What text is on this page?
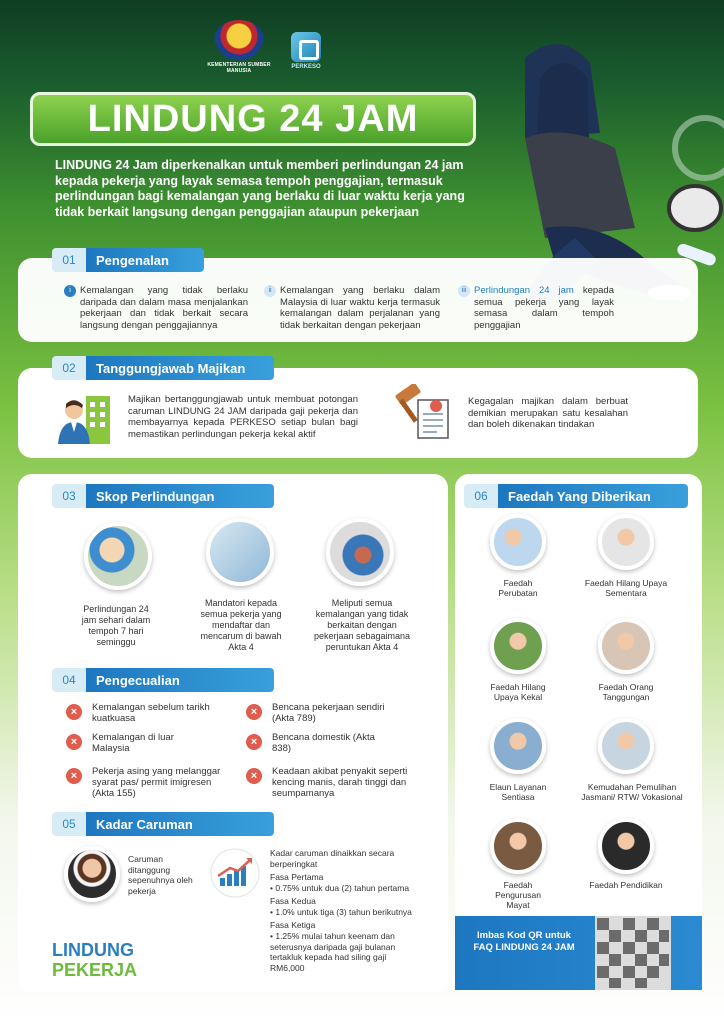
KEMENTERIAN SUMBER MANUSIA
PERKESO
LINDUNG 24 JAM
LINDUNG 24 Jam diperkenalkan untuk memberi perlindungan 24 jam kepada pekerja yang layak semasa tempoh penggajian, termasuk perlindungan bagi kemalangan yang berlaku di luar waktu kerja yang tidak berkait langsung dengan penggajian ataupun pekerjaan
01	Pengenalan
i Kemalangan yang tidak berlaku daripada dan dalam masa menjalankan pekerjaan dan tidak berkait secara langsung dengan penggajiannya
ii Kemalangan yang berlaku dalam Malaysia di luar waktu kerja termasuk kemalangan dalam perjalanan yang tidak berkaitan dengan pekerjaan
iii Perlindungan 24 jam kepada semua pekerja yang layak semasa dalam tempoh penggajian
02	Tanggungjawab Majikan
Majikan bertanggungjawab untuk membuat potongan caruman LINDUNG 24 JAM daripada gaji pekerja dan membayarnya kepada PERKESO setiap bulan bagi memastikan perlindungan pekerja kekal aktif
Kegagalan majikan dalam berbuat demikian merupakan satu kesalahan dan boleh dikenakan tindakan
03	Skop Perlindungan
Perlindungan 24 jam sehari dalam tempoh 7 hari seminggu
Mandatori kepada semua pekerja yang mendaftar dan mencarum di bawah Akta 4
Meliputi semua kemalangan yang tidak berkaitan dengan pekerjaan sebagaimana peruntukan Akta 4
04	Pengecualian
×	Kemalangan sebelum tarikh kuatkuasa
×	Bencana pekerjaan sendiri (Akta 789)
×	Kemalangan di luar Malaysia
×	Bencana domestik (Akta 838)
×	Pekerja asing yang melanggar syarat pas/ permit imigresen (Akta 155)
×	Keadaan akibat penyakit seperti kencing manis, darah tinggi dan seumpamanya
05	Kadar Caruman
Caruman ditanggung sepenuhnya oleh pekerja
Kadar caruman dinaikkan secara berperingkat
Fasa Pertama
• 0.75% untuk dua (2) tahun pertama
Fasa Kedua
• 1.0% untuk tiga (3) tahun berikutnya
Fasa Ketiga
• 1.25% mulai tahun keenam dan seterusnya daripada gaji bulanan tertakluk kepada had siling gaji RM6,000
LINDUNG
PEKERJA
06	Faedah Yang Diberikan
Faedah Perubatan
Faedah Hilang Upaya Sementara
Faedah Hilang Upaya Kekal
Faedah Orang Tanggungan
Elaun Layanan Sentiasa
Kemudahan Pemulihan Jasmani/ RTW/ Vokasional
Faedah Pengurusan Mayat
Faedah Pendidikan
Imbas Kod QR untuk FAQ LINDUNG 24 JAM
